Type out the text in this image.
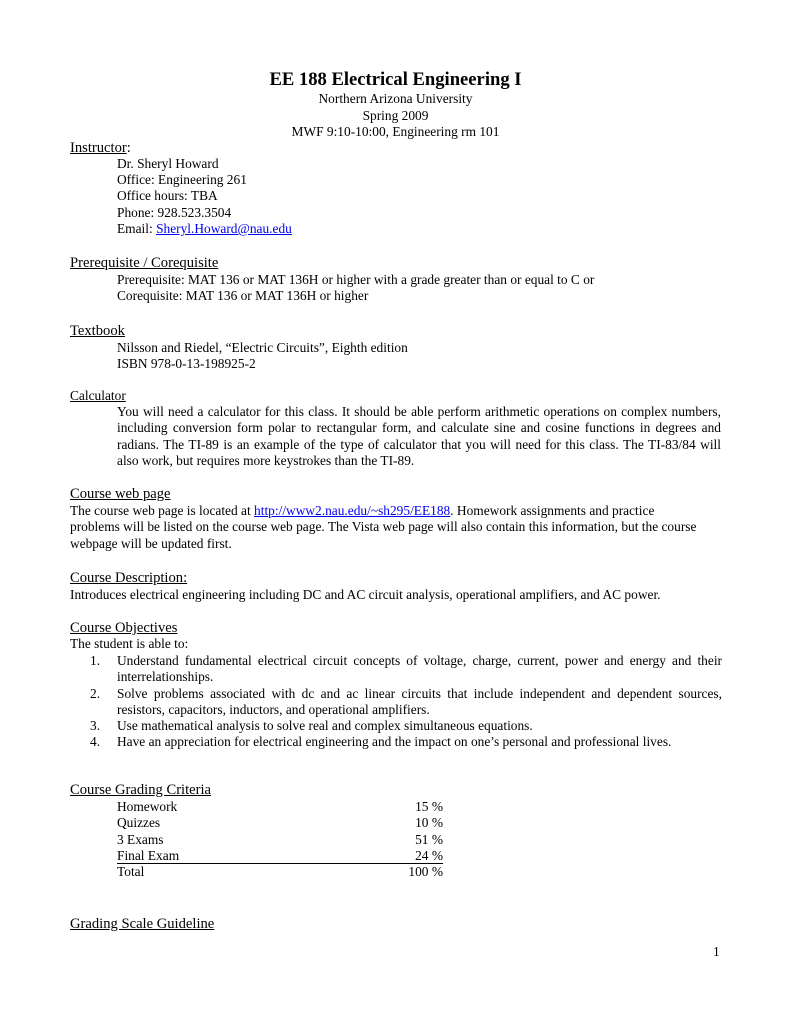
EE 188 Electrical Engineering I
Northern Arizona University
Spring 2009
MWF 9:10-10:00, Engineering rm 101
Instructor:
Dr. Sheryl Howard
Office: Engineering 261
Office hours: TBA
Phone: 928.523.3504
Email: Sheryl.Howard@nau.edu
Prerequisite / Corequisite
Prerequisite: MAT 136 or MAT 136H or higher with a grade greater than or equal to C or
Corequisite: MAT 136 or MAT 136H or higher
Textbook
Nilsson and Riedel, “Electric Circuits”, Eighth edition
ISBN 978-0-13-198925-2
Calculator
You will need a calculator for this class. It should be able perform arithmetic operations on complex numbers, including conversion form polar to rectangular form, and calculate sine and cosine functions in degrees and radians. The TI-89 is an example of the type of calculator that you will need for this class. The TI-83/84 will also work, but requires more keystrokes than the TI-89.
Course web page
The course web page is located at http://www2.nau.edu/~sh295/EE188. Homework assignments and practice problems will be listed on the course web page. The Vista web page will also contain this information, but the course webpage will be updated first.
Course Description:
Introduces electrical engineering including DC and AC circuit analysis, operational amplifiers, and AC power.
Course Objectives
The student is able to:
1.	Understand fundamental electrical circuit concepts of voltage, charge, current, power and energy and their interrelationships.
2.	Solve problems associated with dc and ac linear circuits that include independent and dependent sources, resistors, capacitors, inductors, and operational amplifiers.
3.	Use mathematical analysis to solve real and complex simultaneous equations.
4.	Have an appreciation for electrical engineering and the impact on one’s personal and professional lives.
Course Grading Criteria
Homework	15 %
Quizzes	10 %
3 Exams	51 %
Final Exam	24 %
Total	100 %
Grading Scale Guideline
1
